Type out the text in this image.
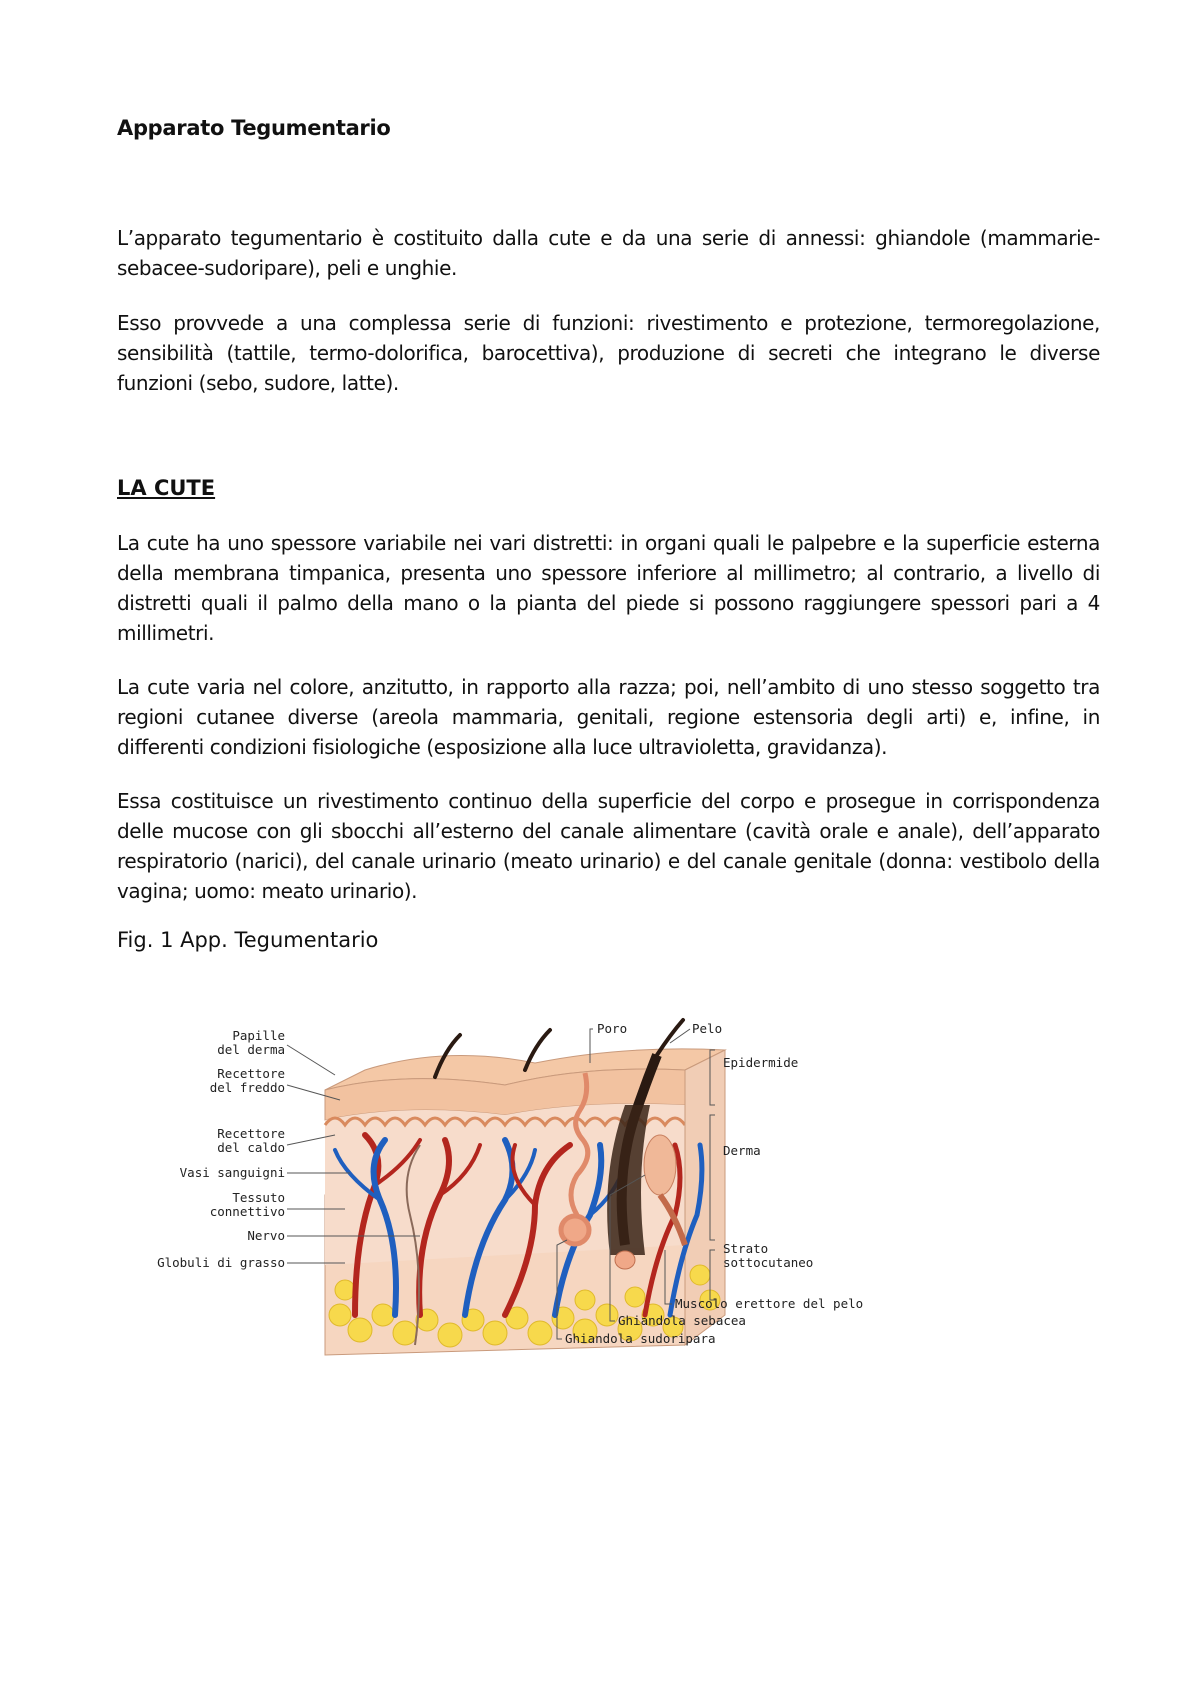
Apparato Tegumentario
L’apparato tegumentario è costituito dalla cute e da una serie di annessi: ghiandole (mammarie-sebacee-sudoripare), peli e unghie.
Esso provvede a una complessa serie di funzioni: rivestimento e protezione, termoregolazione, sensibilità (tattile, termo-dolorifica, barocettiva), produzione di secreti che integrano le diverse funzioni (sebo, sudore, latte).
LA CUTE
La cute ha uno spessore variabile nei vari distretti: in organi quali le palpebre e la superficie esterna della membrana timpanica, presenta uno spessore inferiore al millimetro; al contrario, a livello di distretti quali il palmo della mano o la pianta del piede si possono raggiungere spessori pari a 4 millimetri.
La cute varia nel colore, anzitutto, in rapporto alla razza; poi, nell’ambito di uno stesso soggetto tra regioni cutanee diverse (areola mammaria, genitali, regione estensoria degli arti) e, infine, in differenti condizioni fisiologiche (esposizione alla luce ultravioletta, gravidanza).
Essa costituisce un rivestimento continuo della superficie del corpo e prosegue in corrispondenza delle mucose con gli sbocchi all’esterno del canale alimentare (cavità orale e anale), dell’apparato respiratorio (narici), del canale urinario (meato urinario) e del canale genitale (donna: vestibolo della vagina; uomo: meato urinario).
Fig. 1 App. Tegumentario
Papille
del derma
Recettore
del freddo
Recettore
del caldo
Vasi sanguigni
Tessuto
connettivo
Nervo
Globuli di grasso
Poro	Pelo
Epidermide
Derma
Strato
sottocutaneo
Muscolo erettore del pelo
Ghiandola sebacea
Ghiandola sudoripara
